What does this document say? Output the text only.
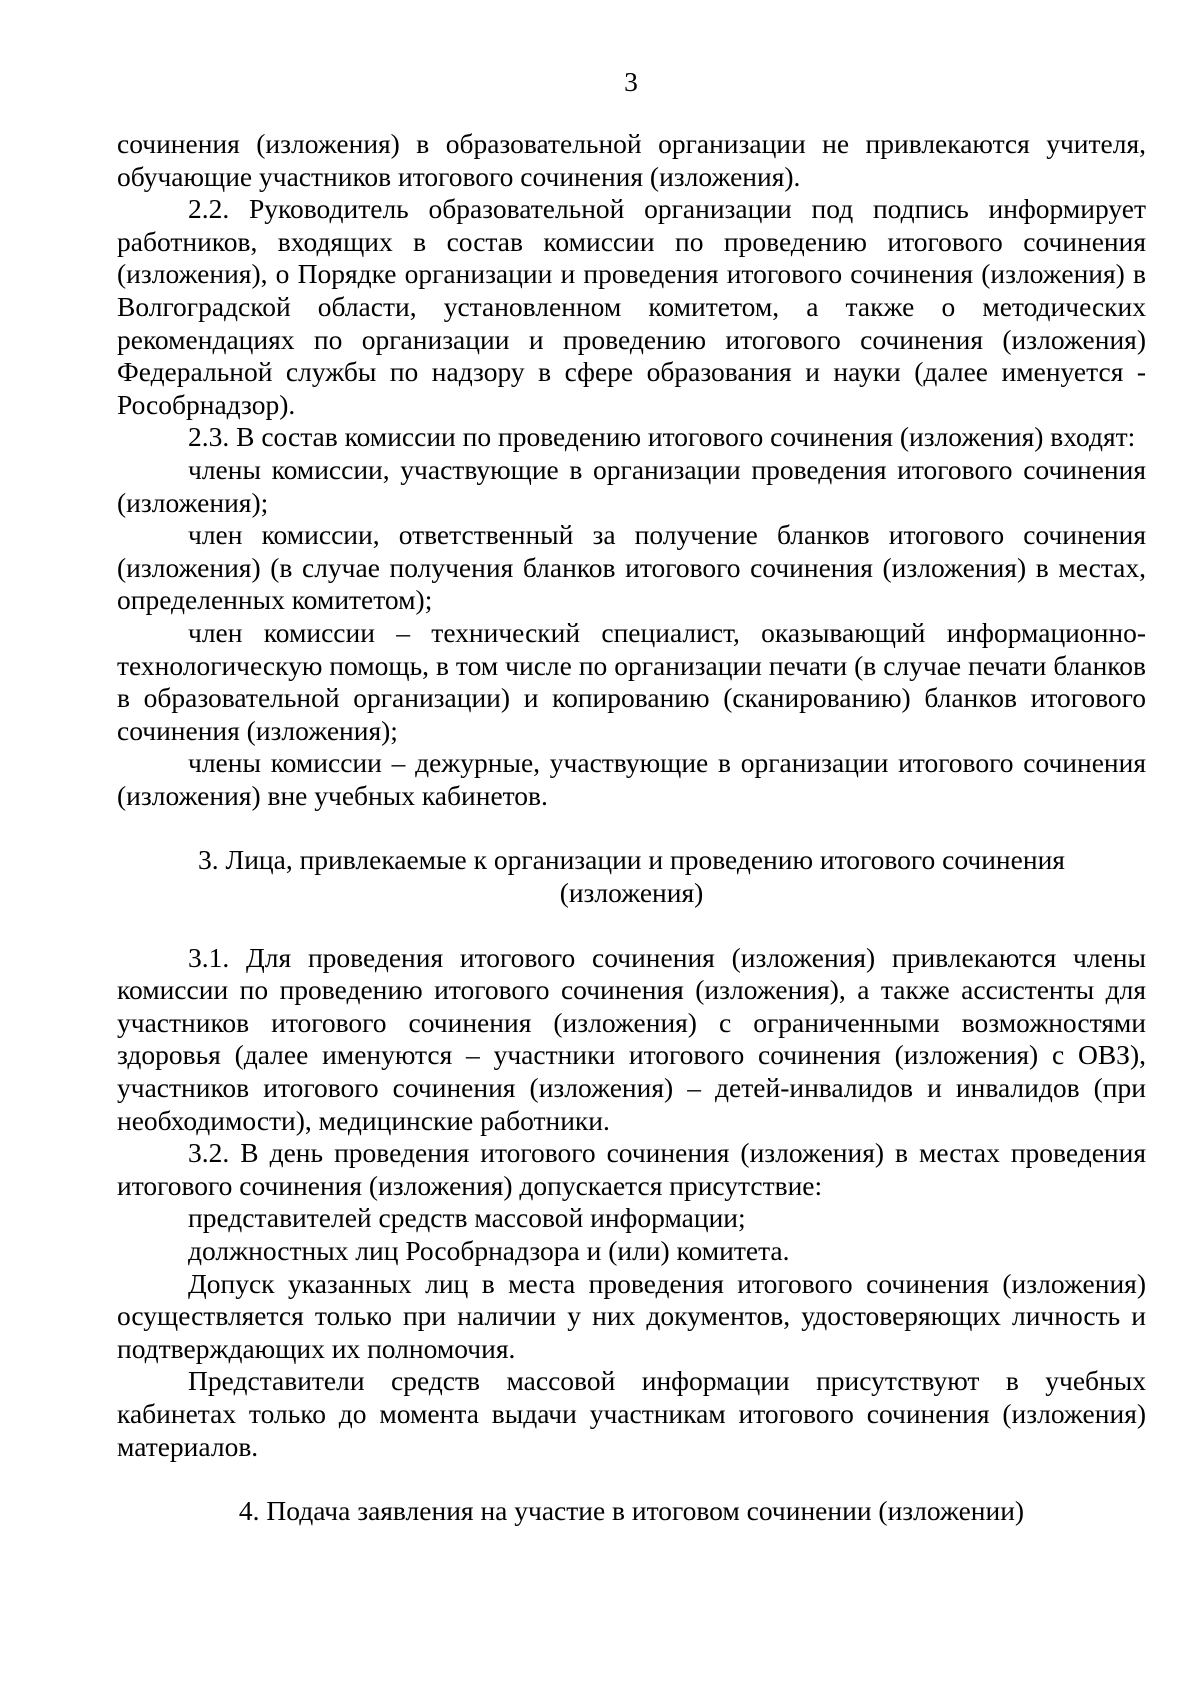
3

сочинения (изложения) в образовательной организации не привлекаются учителя, обучающие участников итогового сочинения (изложения).

2.2. Руководитель образовательной организации под подпись информирует работников, входящих в состав комиссии по проведению итогового сочинения (изложения), о Порядке организации и проведения итогового сочинения (изложения) в Волгоградской области, установленном комитетом, а также о методических рекомендациях по организации и проведению итогового сочинения (изложения) Федеральной службы по надзору в сфере образования и науки (далее именуется - Рособрнадзор).

2.3. В состав комиссии по проведению итогового сочинения (изложения) входят:

члены комиссии, участвующие в организации проведения итогового сочинения (изложения);

член комиссии, ответственный за получение бланков итогового сочинения (изложения) (в случае получения бланков итогового сочинения (изложения) в местах, определенных комитетом);

член комиссии – технический специалист, оказывающий информационно-технологическую помощь, в том числе по организации печати (в случае печати бланков в образовательной организации) и копированию (сканированию) бланков итогового сочинения (изложения);

члены комиссии – дежурные, участвующие в организации итогового сочинения (изложения) вне учебных кабинетов.

3. Лица, привлекаемые к организации и проведению итогового сочинения (изложения)

3.1. Для проведения итогового сочинения (изложения) привлекаются члены комиссии по проведению итогового сочинения (изложения), а также ассистенты для участников итогового сочинения (изложения) с ограниченными возможностями здоровья (далее именуются – участники итогового сочинения (изложения) с ОВЗ), участников итогового сочинения (изложения) – детей-инвалидов и инвалидов (при необходимости), медицинские работники.

3.2. В день проведения итогового сочинения (изложения) в местах проведения итогового сочинения (изложения) допускается присутствие:

представителей средств массовой информации;

должностных лиц Рособрнадзора и (или) комитета.

Допуск указанных лиц в места проведения итогового сочинения (изложения) осуществляется только при наличии у них документов, удостоверяющих личность и подтверждающих их полномочия.

Представители средств массовой информации присутствуют в учебных кабинетах только до момента выдачи участникам итогового сочинения (изложения) материалов.

4. Подача заявления на участие в итоговом сочинении (изложении)
